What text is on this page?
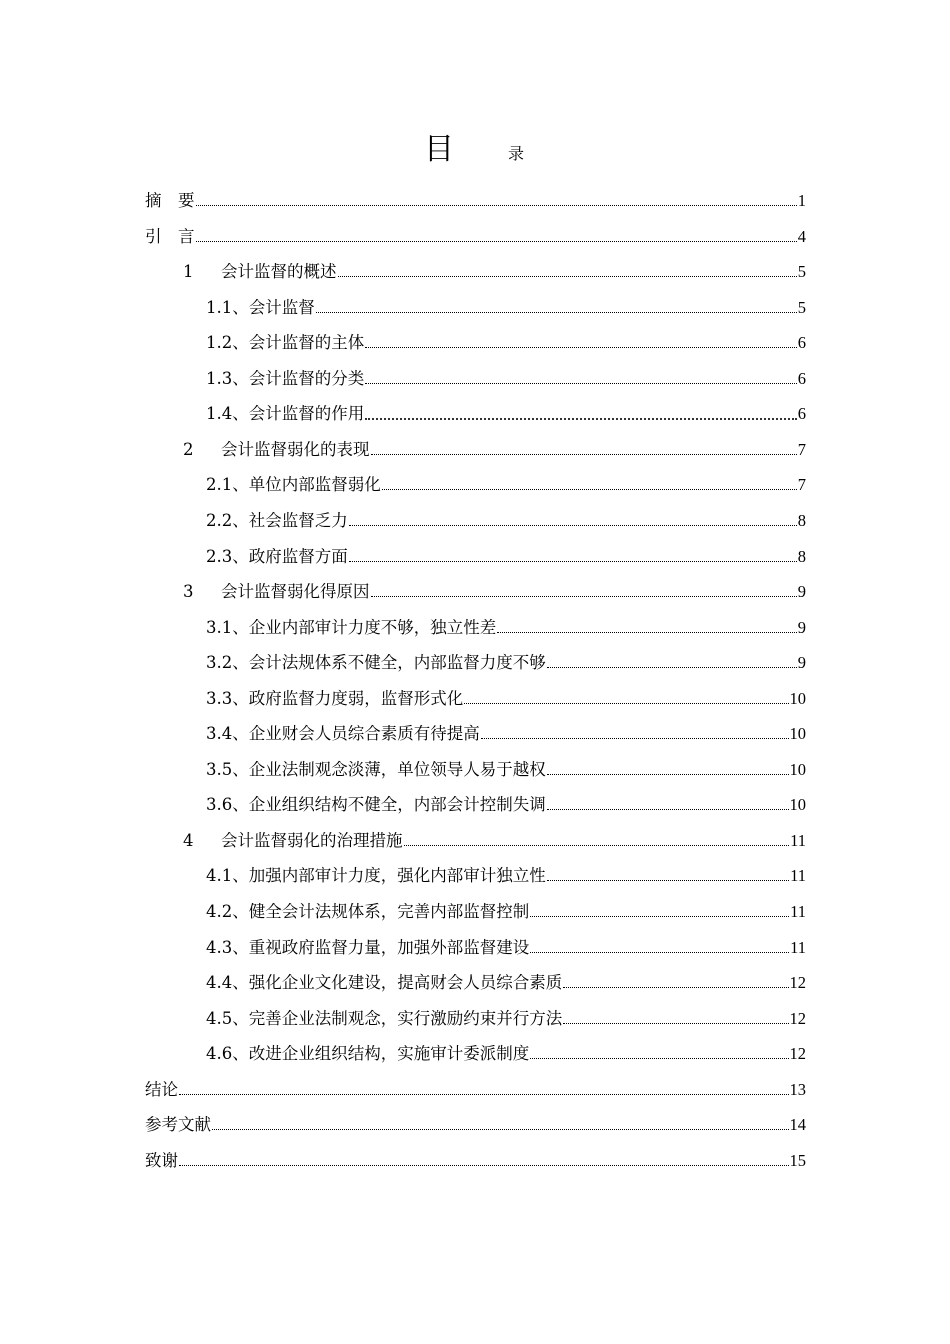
目	录
摘　要	1
引　言	4
1	会计监督的概述	5
1.1、会计监督	5
1.2、会计监督的主体	6
1.3、会计监督的分类	6
1.4、会计监督的作用	6
2	会计监督弱化的表现	7
2.1、单位内部监督弱化	7
2.2、社会监督乏力	8
2.3、政府监督方面	8
3	会计监督弱化得原因	9
3.1、企业内部审计力度不够，独立性差	9
3.2、会计法规体系不健全，内部监督力度不够	9
3.3、政府监督力度弱，监督形式化	10
3.4、企业财会人员综合素质有待提高	10
3.5、企业法制观念淡薄，单位领导人易于越权	10
3.6、企业组织结构不健全，内部会计控制失调	10
4	会计监督弱化的治理措施	11
4.1、加强内部审计力度，强化内部审计独立性	11
4.2、健全会计法规体系，完善内部监督控制	11
4.3、重视政府监督力量，加强外部监督建设	11
4.4、强化企业文化建设，提高财会人员综合素质	12
4.5、完善企业法制观念，实行激励约束并行方法	12
4.6、改进企业组织结构，实施审计委派制度	12
结论	13
参考文献	14
致谢	15
